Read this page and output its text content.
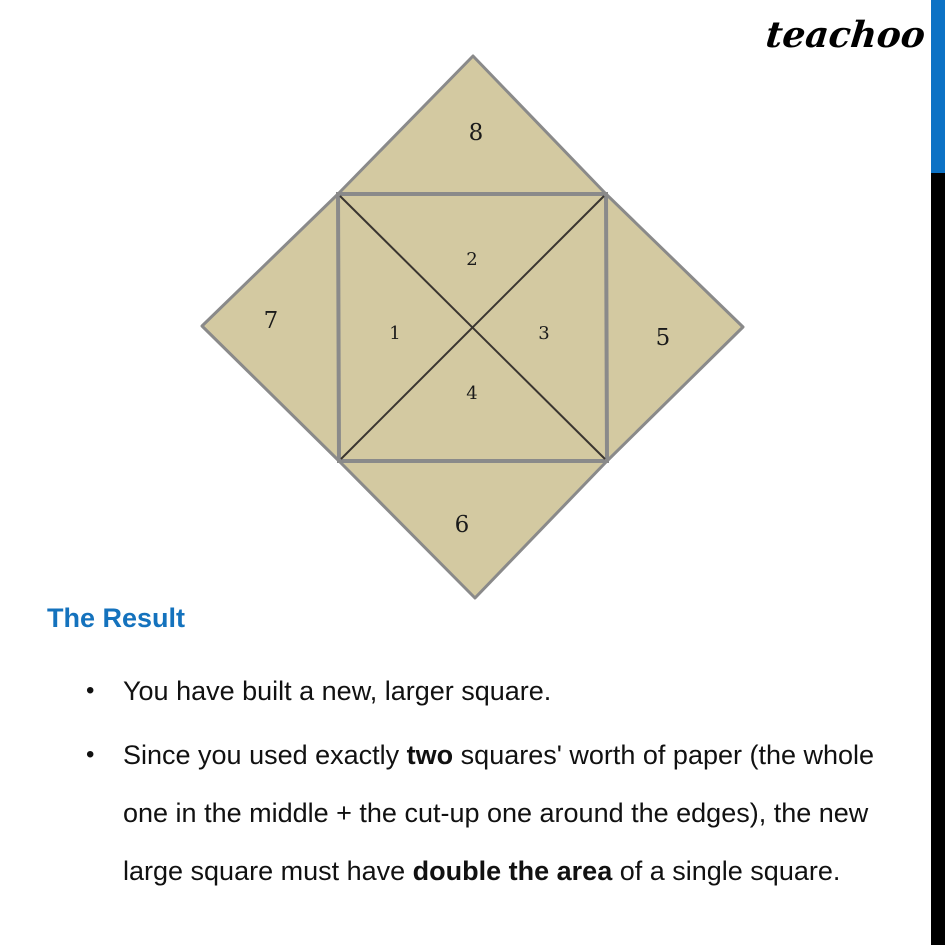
teachoo
8
2
1	3
4
7
5
6
The Result
• You have built a new, larger square.
• Since you used exactly two squares' worth of paper (the whole one in the middle + the cut-up one around the edges), the new large square must have double the area of a single square.
